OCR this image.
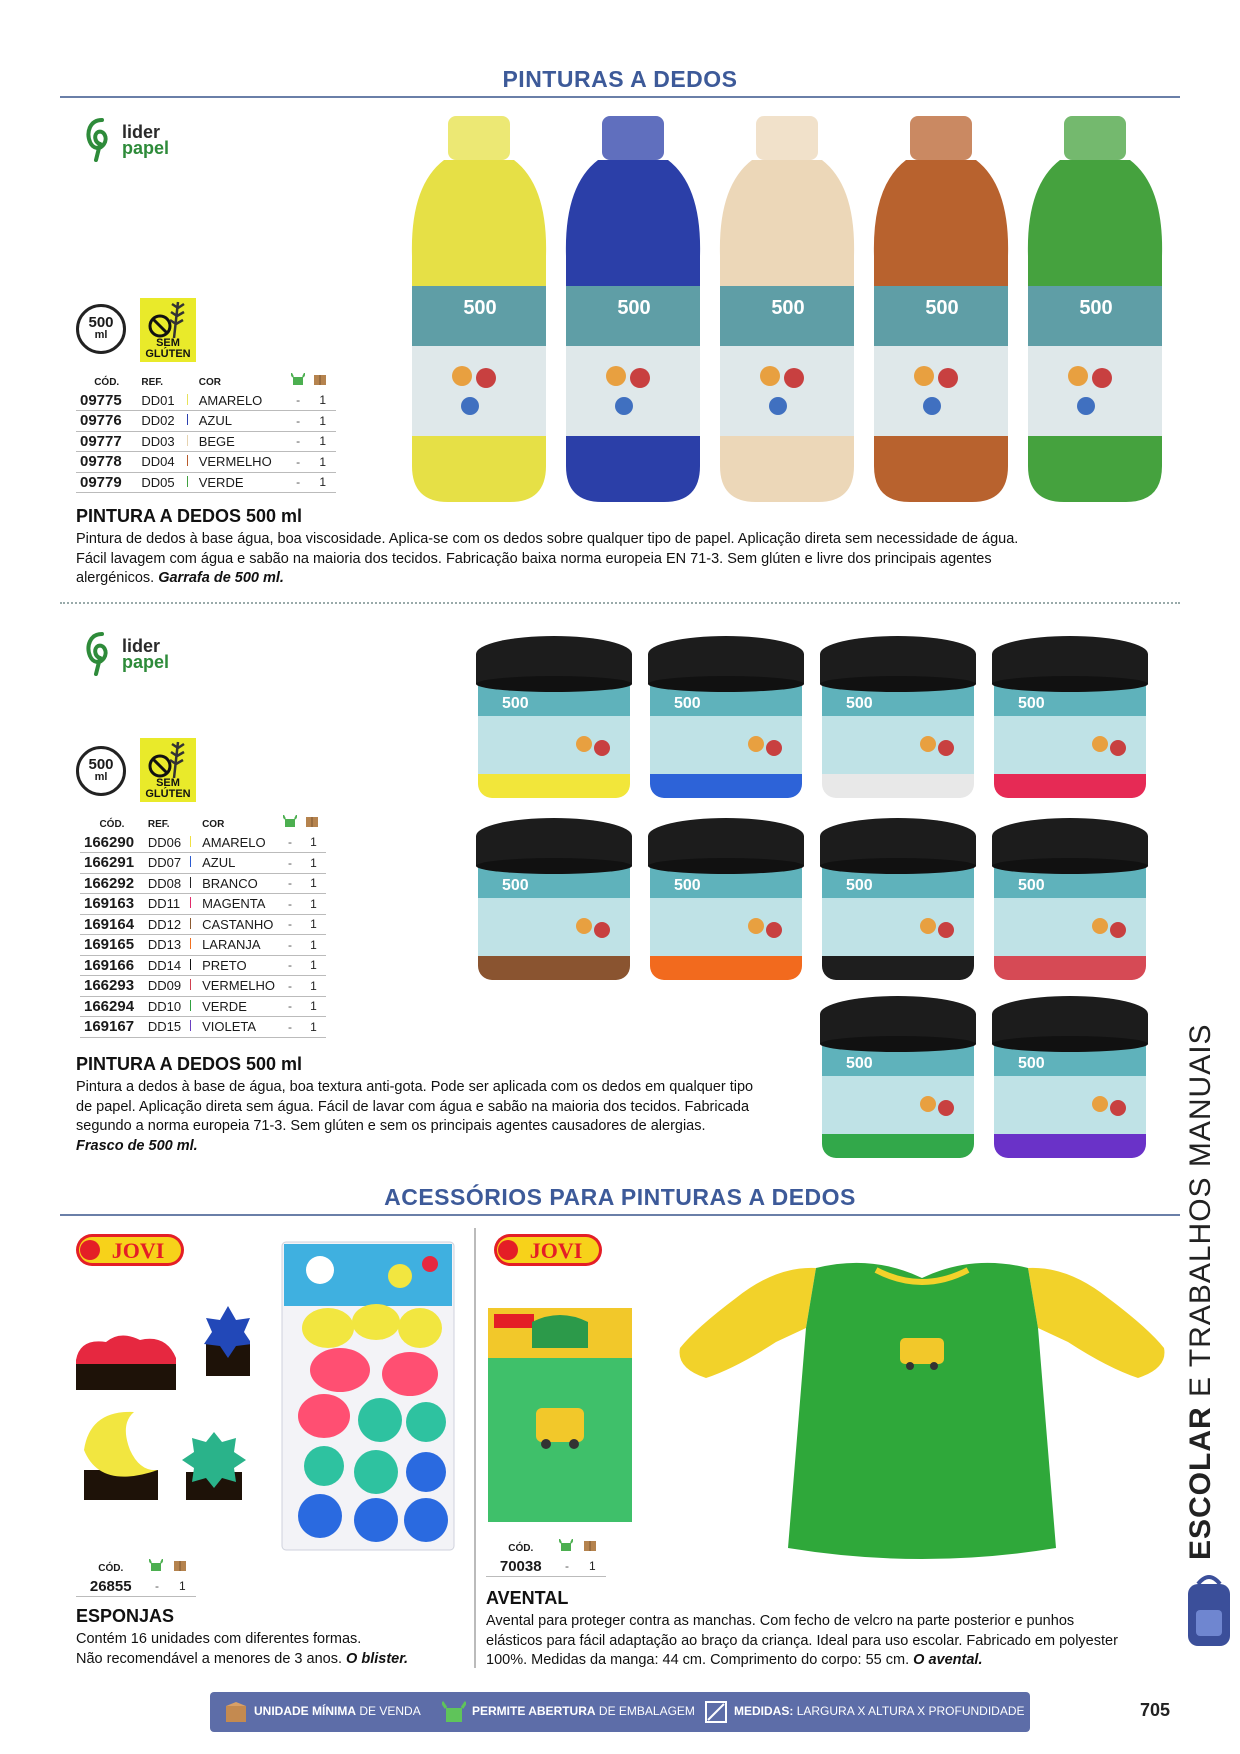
PINTURAS A DEDOS
lider
papel
500
ml
SEM
GLÚTEN
CÓD.	REF.		COR		
09775	DD01		AMARELO	-	1
09776	DD02		AZUL	-	1
09777	DD03		BEGE	-	1
09778	DD04		VERMELHO	-	1
09779	DD05		VERDE	-	1
500	500	500	500	500
PINTURA A DEDOS 500 ml
Pintura de dedos à base água, boa viscosidade. Aplica-se com os dedos sobre qualquer tipo de papel. Aplicação direta sem necessidade de água.
Fácil lavagem com água e sabão na maioria dos tecidos. Fabricação baixa norma europeia EN 71-3. Sem glúten e livre dos principais agentes
alergénicos. Garrafa de 500 ml.
lider
papel
500
ml	SEM
GLÚTEN
CÓD.	REF.		COR		
166290	DD06		AMARELO	-	1
166291	DD07		AZUL	-	1
166292	DD08		BRANCO	-	1
169163	DD11		MAGENTA	-	1
169164	DD12		CASTANHO	-	1
169165	DD13		LARANJA	-	1
169166	DD14		PRETO	-	1
166293	DD09		VERMELHO	-	1
166294	DD10		VERDE	-	1
169167	DD15		VIOLETA	-	1
500	500	500	500
500	500	500	500
500	500
PINTURA A DEDOS 500 ml
Pintura a dedos à base de água, boa textura anti-gota. Pode ser aplicada com os dedos em qualquer tipo
de papel. Aplicação direta sem água. Fácil de lavar com água e sabão na maioria dos tecidos. Fabricada
segundo a norma europeia 71-3. Sem glúten e sem os principais agentes causadores de alergias.
Frasco de 500 ml.
ACESSÓRIOS PARA PINTURAS A DEDOS
JOVI	JOVI
CÓD.		
26855	-	1
ESPONJAS
Contém 16 unidades com diferentes formas.
Não recomendável a menores de 3 anos. O blister.
CÓD.		
70038	-	1
AVENTAL
Avental para proteger contra as manchas. Com fecho de velcro na parte posterior e punhos
elásticos para fácil adaptação ao braço da criança. Ideal para uso escolar. Fabricado em polyester
100%. Medidas da manga: 44 cm. Comprimento do corpo: 55 cm. O avental.
ESCOLAR E TRABALHOS MANUAIS
UNIDADE MÍNIMA DE VENDA	PERMITE ABERTURA DE EMBALAGEM	MEDIDAS: LARGURA X ALTURA X PROFUNDIDADE	705
